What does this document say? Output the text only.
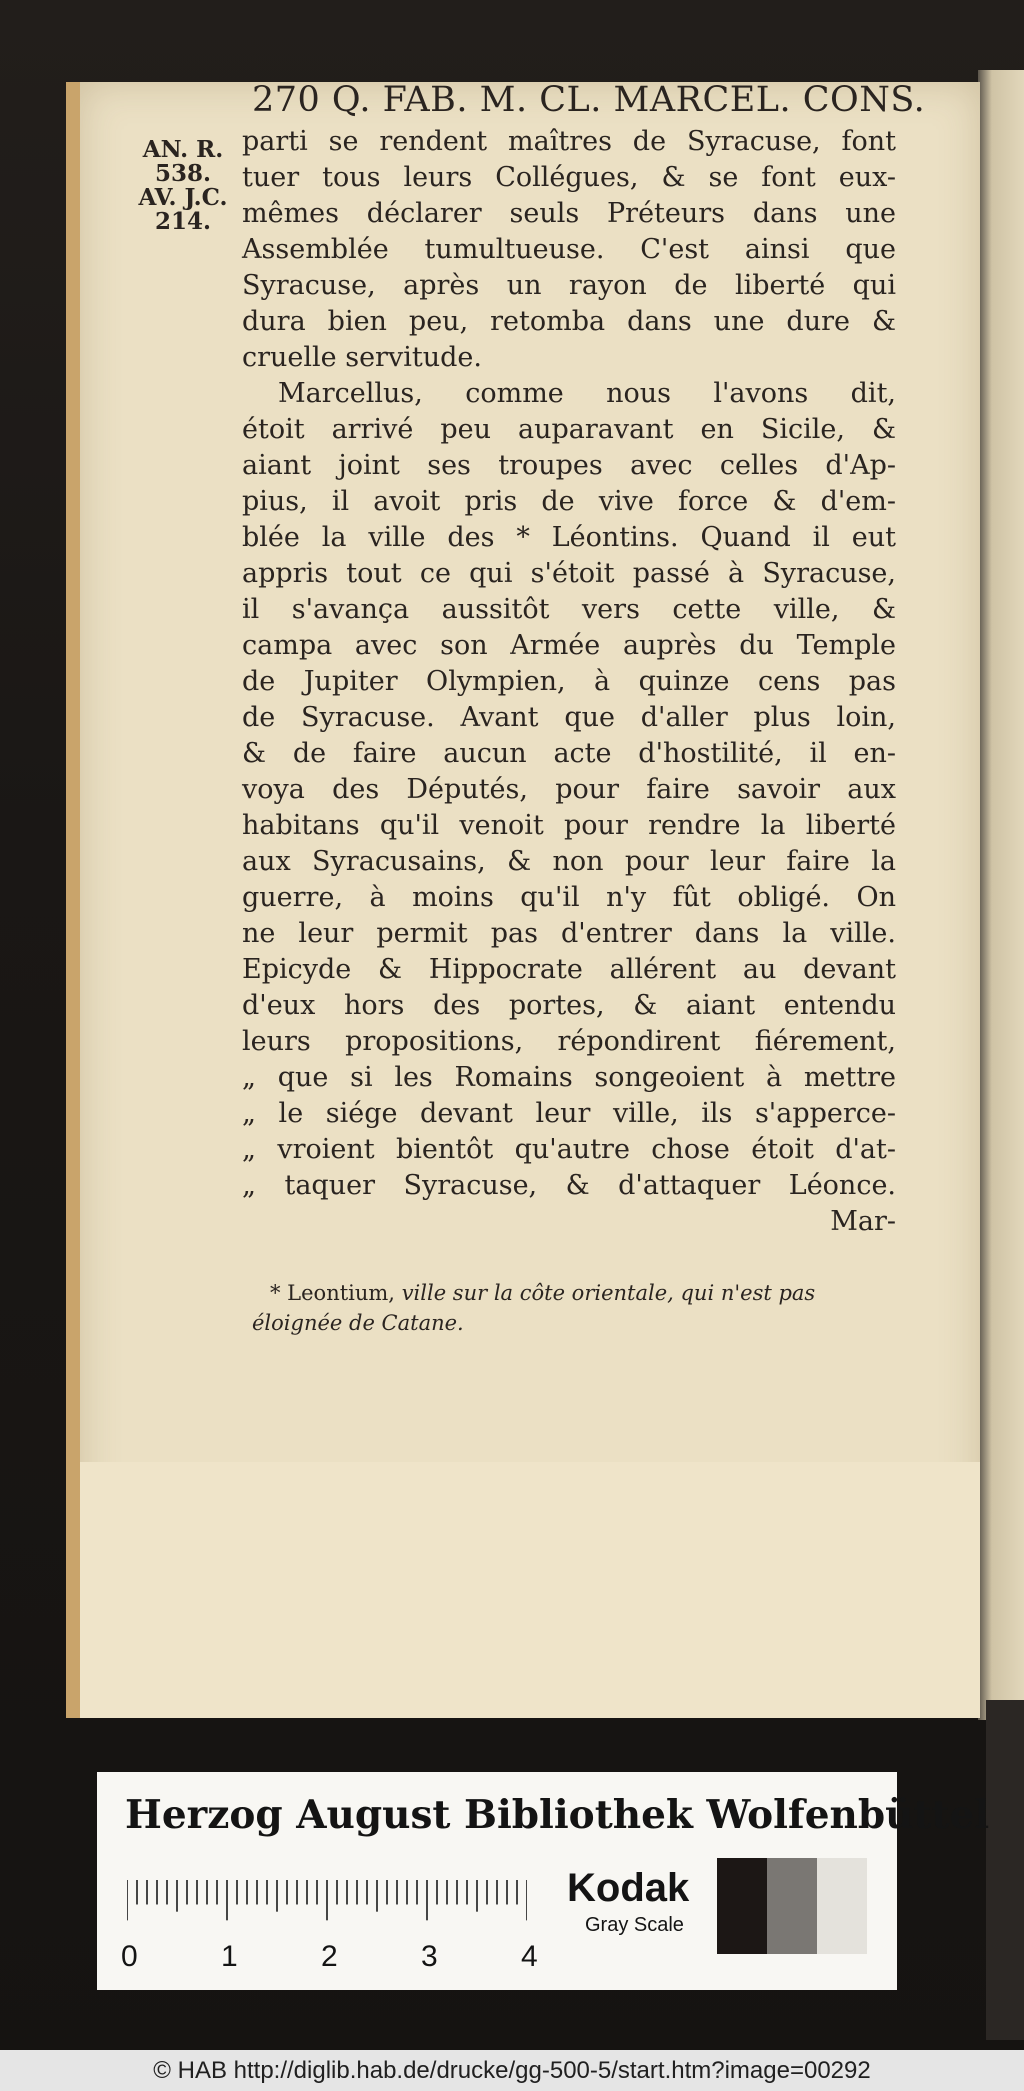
270 Q. FAB. M. CL. MARCEL. CONS.
AN. R.
538.
AV. J.C.
214.
parti se rendent maîtres de Syracuse, font
tuer tous leurs Collégues, & se font eux-
mêmes déclarer seuls Préteurs dans une
Assemblée tumultueuse. C'est ainsi que
Syracuse, après un rayon de liberté qui
dura bien peu, retomba dans une dure &
cruelle servitude.
Marcellus, comme nous l'avons dit,
étoit arrivé peu auparavant en Sicile, &
aiant joint ses troupes avec celles d'Ap-
pius, il avoit pris de vive force & d'em-
blée la ville des * Léontins. Quand il eut
appris tout ce qui s'étoit passé à Syracuse,
il s'avança aussitôt vers cette ville, &
campa avec son Armée auprès du Temple
de Jupiter Olympien, à quinze cens pas
de Syracuse. Avant que d'aller plus loin,
& de faire aucun acte d'hostilité, il en-
voya des Députés, pour faire savoir aux
habitans qu'il venoit pour rendre la liberté
aux Syracusains, & non pour leur faire la
guerre, à moins qu'il n'y fût obligé. On
ne leur permit pas d'entrer dans la ville.
Epicyde & Hippocrate allérent au devant
d'eux hors des portes, & aiant entendu
leurs propositions, répondirent fiérement,
„ que si les Romains songeoient à mettre
„ le siége devant leur ville, ils s'apperce-
„ vroient bientôt qu'autre chose étoit d'at-
„ taquer Syracuse, & d'attaquer Léonce.
Mar-
* Leontium, ville sur la côte orientale, qui n'est pas
éloignée de Catane.
Herzog August Bibliothek Wolfenbüttel
0	1	2	3	4
Kodak
Gray Scale
© HAB http://diglib.hab.de/drucke/gg-500-5/start.htm?image=00292
